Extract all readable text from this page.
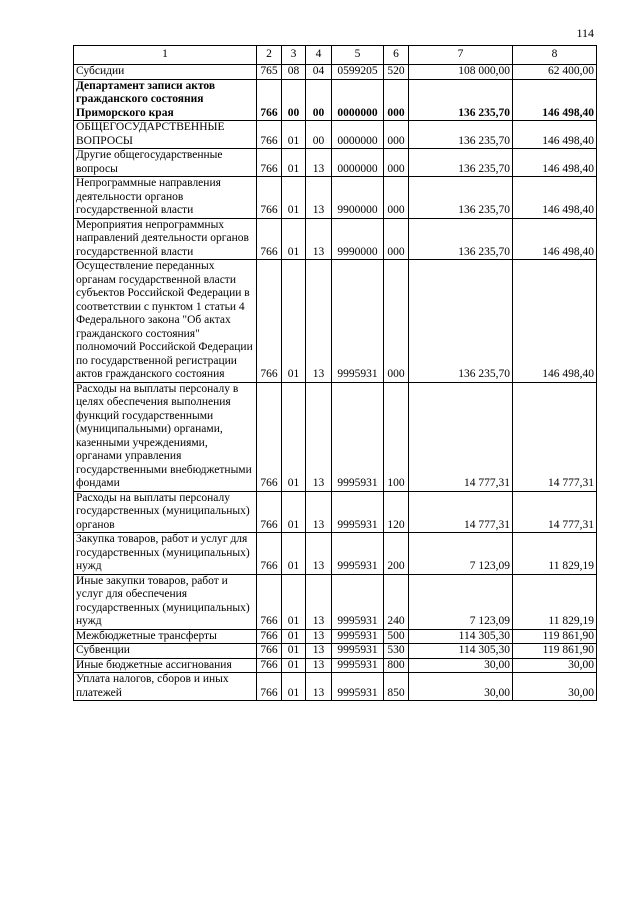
114
1	2	3	4	5	6	7	8
Субсидии	765	08	04	0599205	520	108 000,00	62 400,00
Департамент записи актов гражданского состояния Приморского края	766	00	00	0000000	000	136 235,70	146 498,40
ОБЩЕГОСУДАРСТВЕННЫЕ ВОПРОСЫ	766	01	00	0000000	000	136 235,70	146 498,40
Другие общегосударственные вопросы	766	01	13	0000000	000	136 235,70	146 498,40
Непрограммные направления деятельности органов государственной власти	766	01	13	9900000	000	136 235,70	146 498,40
Мероприятия непрограммных направлений деятельности органов государственной власти	766	01	13	9990000	000	136 235,70	146 498,40
Осуществление переданных органам государственной власти субъектов Российской Федерации в соответствии с пунктом 1 статьи 4 Федерального закона "Об актах гражданского состояния" полномочий Российской Федерации по государственной регистрации актов гражданского состояния	766	01	13	9995931	000	136 235,70	146 498,40
Расходы на выплаты персоналу в целях обеспечения выполнения функций государственными (муниципальными) органами, казенными учреждениями, органами управления государственными внебюджетными фондами	766	01	13	9995931	100	14 777,31	14 777,31
Расходы на выплаты персоналу государственных (муниципальных) органов	766	01	13	9995931	120	14 777,31	14 777,31
Закупка товаров, работ и услуг для государственных (муниципальных) нужд	766	01	13	9995931	200	7 123,09	11 829,19
Иные закупки товаров, работ и услуг для обеспечения государственных (муниципальных) нужд	766	01	13	9995931	240	7 123,09	11 829,19
Межбюджетные трансферты	766	01	13	9995931	500	114 305,30	119 861,90
Субвенции	766	01	13	9995931	530	114 305,30	119 861,90
Иные бюджетные ассигнования	766	01	13	9995931	800	30,00	30,00
Уплата налогов, сборов и иных платежей	766	01	13	9995931	850	30,00	30,00
